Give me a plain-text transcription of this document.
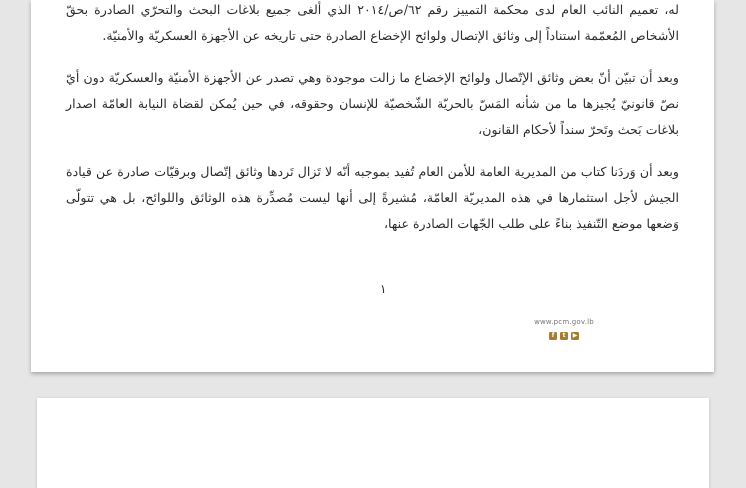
له، تعميم النائب العام لدى محكمة التمييز رقم ٦٢/ص/٢٠١٤ الذي ألغى جميع بلاغات البحث والتحرّي الصادرة بحقّ الأشخاص المُعمّمة استناداً إلى وثائق الإتصال ولوائح الإخضاع الصادرة حتى تاريخه عن الأجهزة العسكريّة والأمنيّة.

وبعد أن تبيّن أنّ بعض وثائق الإتّصال ولوائح الإخضاع ما زالت موجودة وهي تصدر عن الأجهزة الأمنيّة والعسكريّة دون أيّ نصّ قانونيّ يُجيزها ما من شأنه المَسّ بالحريّة الشّخصيّة للإنسان وحقوقه، في حين يُمكن لقضاة النيابة العامّة اصدار بلاغات بَحث وتَحرّ سنداً لأحكام القانون،

وبعد أن وَردَنا كتاب من المديرية العامة للأمن العام تُفيد بموجبه أنّه لا تَزال تَردها وثائق إتّصال وبرقيّات صادرة عن قيادة الجيش لأجل استثمارها في هذه المديريّة العامّة، مُشيرةً إلى أنها ليست مُصدِّرة هذه الوثائق واللوائح، بل هي تتولّى وَضعها موضع التّنفيذ بناءً على طلب الجّهات الصادرة عنها،

١
www.pcm.gov.lb
f	t	▶
